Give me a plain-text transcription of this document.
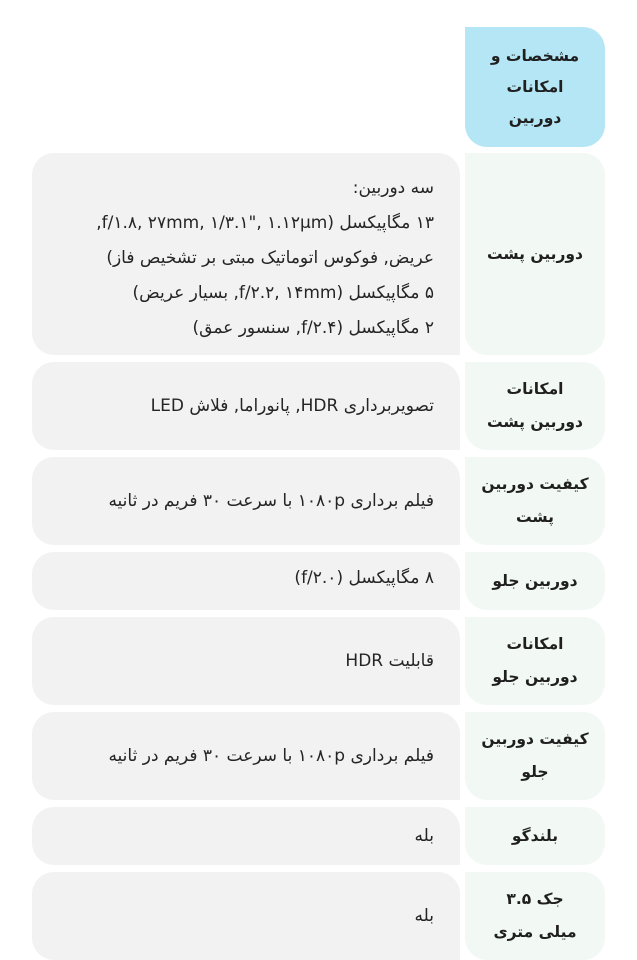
مشخصات و
امکانات
دوربین
سه دوربین:
۱۳ مگاپیکسل (f/۱.۸, ۲۷mm, ۱/۳.۱", ۱.۱۲μm,
عریض, فوکوس اتوماتیک مبتی بر تشخیص فاز)
۵ مگاپیکسل (f/۲.۲, ۱۴mm, بسیار عریض)
۲ مگاپیکسل (f/۲.۴, سنسور عمق)
دوربین پشت
تصویربرداری HDR, پانوراما, فلاش LED
امکانات
دوربین پشت
فیلم برداری ۱۰۸۰p با سرعت ۳۰ فریم در ثانیه
کیفیت دوربین
پشت
۸ مگاپیکسل (f/۲.۰)	دوربین جلو
قابلیت HDR
امکانات
دوربین جلو
فیلم برداری ۱۰۸۰p با سرعت ۳۰ فریم در ثانیه
کیفیت دوربین
جلو
بله	بلندگو
بله
جک ۳.۵
میلی متری
